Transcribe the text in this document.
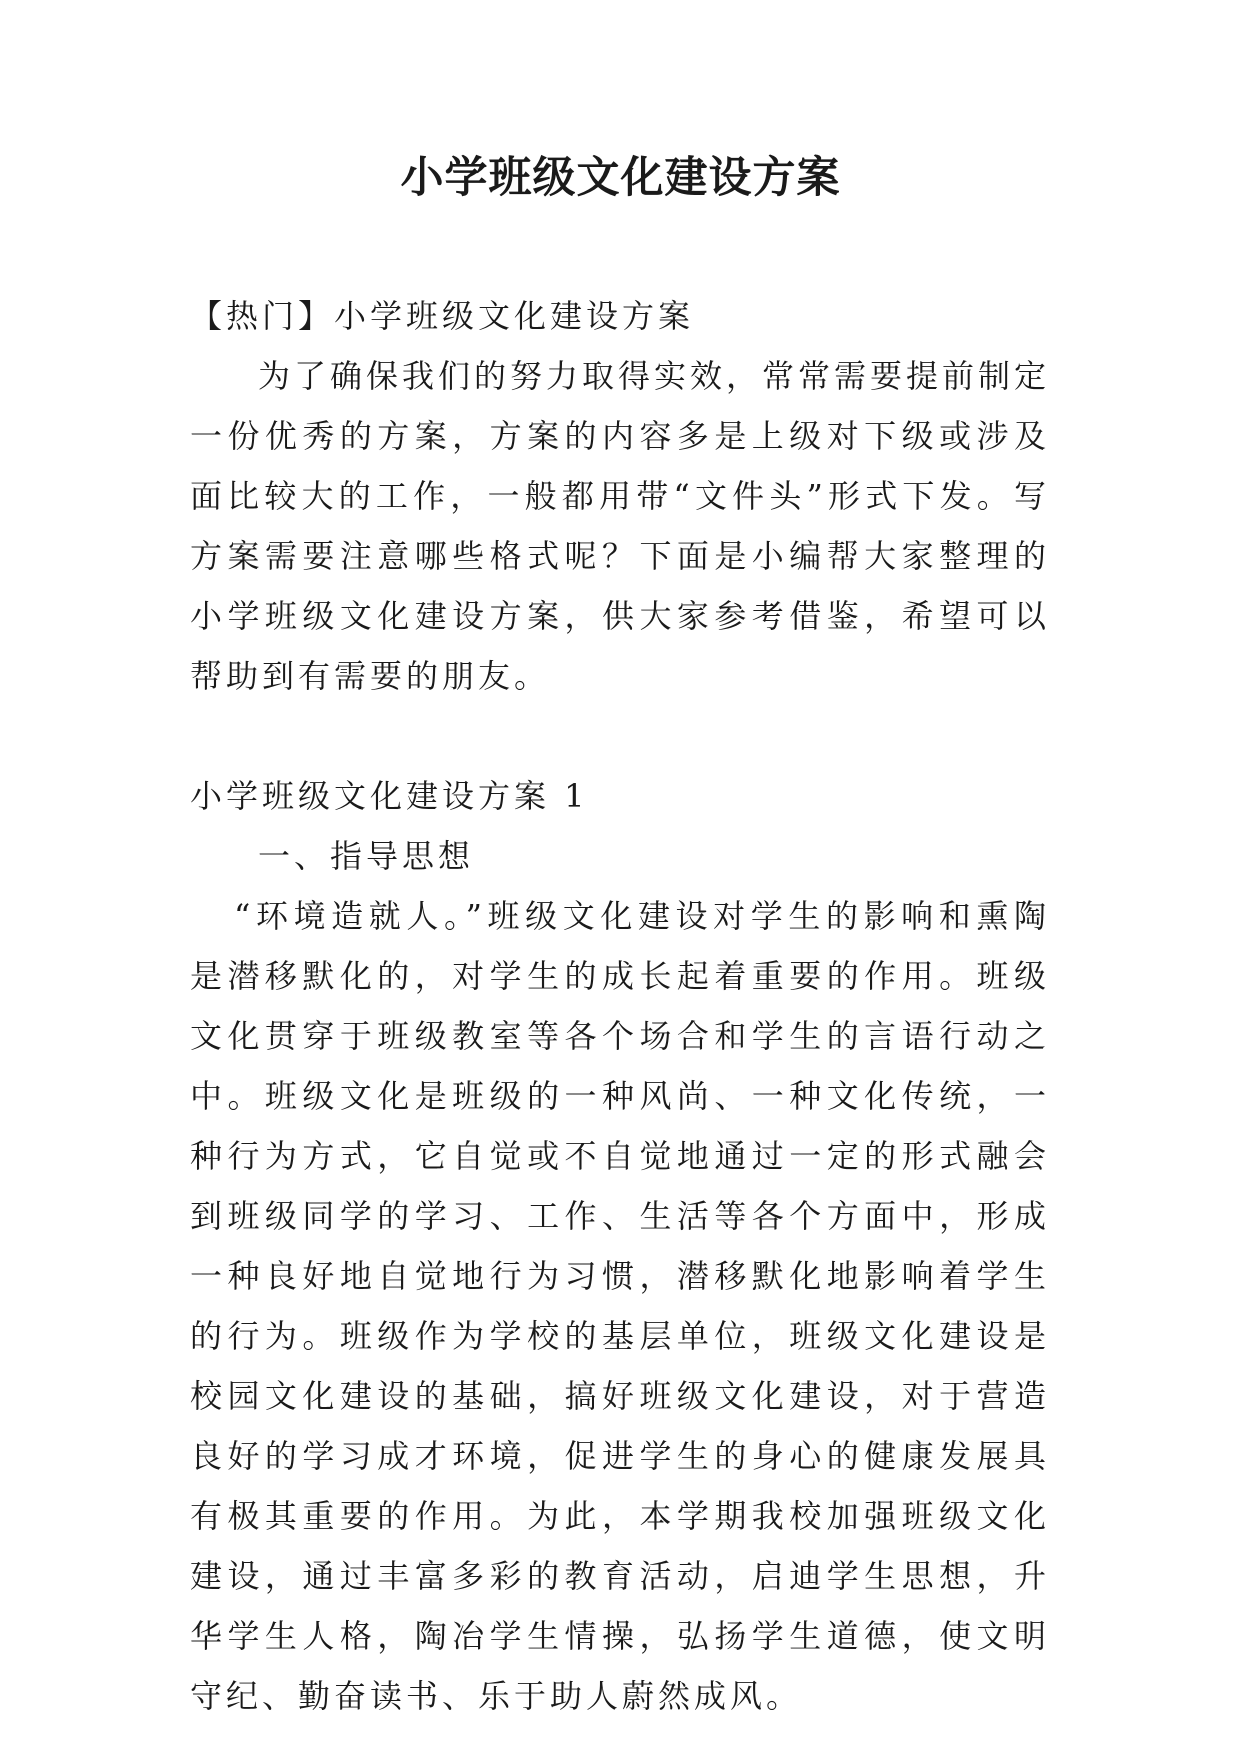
小学班级文化建设方案

【热门】小学班级文化建设方案

为了确保我们的努力取得实效，常常需要提前制定一份优秀的方案，方案的内容多是上级对下级或涉及面比较大的工作，一般都用带“文件头”形式下发。写方案需要注意哪些格式呢？下面是小编帮大家整理的小学班级文化建设方案，供大家参考借鉴，希望可以帮助到有需要的朋友。

小学班级文化建设方案 1

一、指导思想

“环境造就人。”班级文化建设对学生的影响和熏陶是潜移默化的，对学生的成长起着重要的作用。班级文化贯穿于班级教室等各个场合和学生的言语行动之中。班级文化是班级的一种风尚、一种文化传统，一种行为方式，它自觉或不自觉地通过一定的形式融会到班级同学的学习、工作、生活等各个方面中，形成一种良好地自觉地行为习惯，潜移默化地影响着学生的行为。班级作为学校的基层单位，班级文化建设是校园文化建设的基础，搞好班级文化建设，对于营造良好的学习成才环境，促进学生的身心的健康发展具有极其重要的作用。为此，本学期我校加强班级文化建设，通过丰富多彩的教育活动，启迪学生思想，升华学生人格，陶冶学生情操，弘扬学生道德，使文明守纪、勤奋读书、乐于助人蔚然成风。
